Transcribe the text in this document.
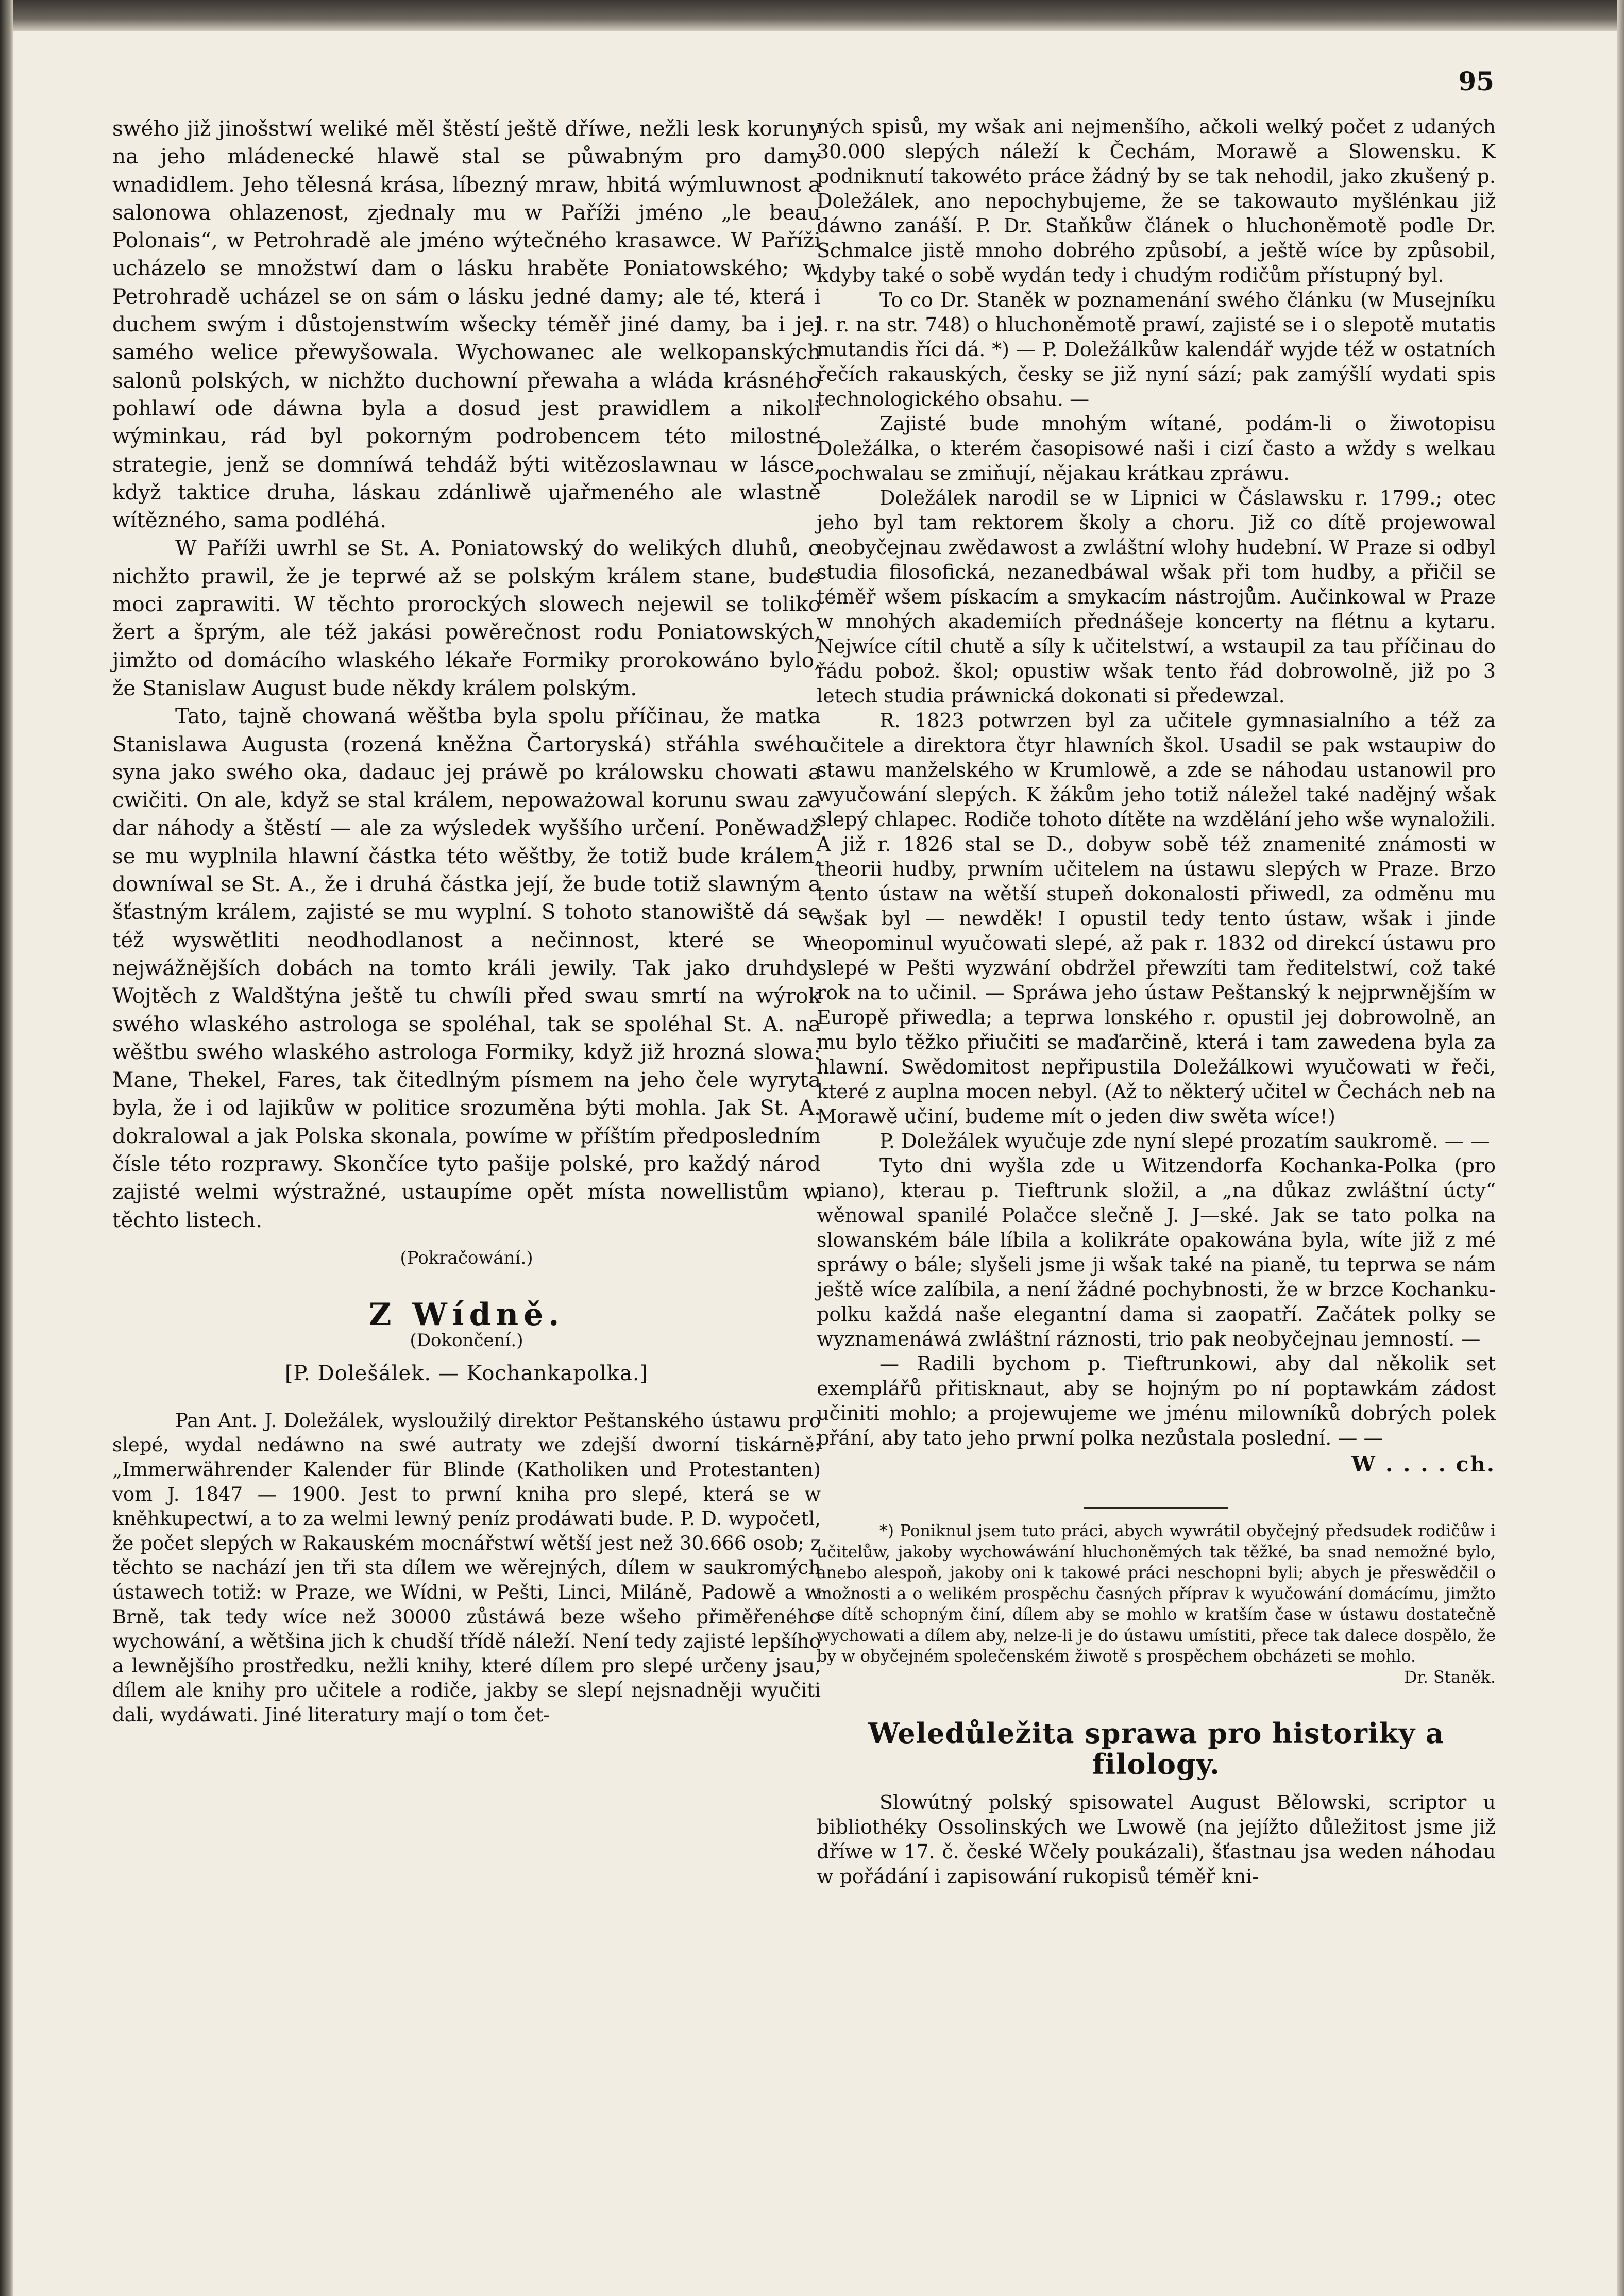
95

swého již jinošstwí weliké měl štěstí ještě dříwe, nežli lesk koruny na jeho mládenecké hlawě stal se půwabným pro damy wnadidlem. Jeho tělesná krása, líbezný mraw, hbitá wýmluwnost a salonowa ohlazenost, zjednaly mu w Paříži jméno „le beau Polonais“, w Petrohradě ale jméno wýtečného krasawce. W Paříži ucházelo se množstwí dam o lásku hraběte Poniatowského; w Petrohradě ucházel se on sám o lásku jedné damy; ale té, která i duchem swým i důstojenstwím wšecky téměř jiné damy, ba i jej samého welice přewyšowala. Wychowanec ale welkopanských salonů polských, w nichžto duchowní přewaha a wláda krásného pohlawí ode dáwna byla a dosud jest prawidlem a nikoli wýminkau, rád byl pokorným podrobencem této milostné strategie, jenž se domníwá tehdáž býti witězoslawnau w lásce, když taktice druha, láskau zdánliwě ujařmeného ale wlastně wítězného, sama podléhá.

W Paříži uwrhl se St. A. Poniatowský do welikých dluhů, o nichžto prawil, že je teprwé až se polským králem stane, bude moci zaprawiti. W těchto prorockých slowech nejewil se toliko žert a šprým, ale též jakási powěrečnost rodu Poniatowských, jimžto od domácího wlaského lékaře Formiky prorokowáno bylo, že Stanislaw August bude někdy králem polským.

Tato, tajně chowaná wěštba byla spolu příčinau, že matka Stanislawa Augusta (rozená kněžna Čartoryská) střáhla swého syna jako swého oka, dadauc jej práwě po králowsku chowati a cwičiti. On ale, když se stal králem, nepoważowal korunu swau za dar náhody a štěstí — ale za wýsledek wyššího určení. Poněwadž se mu wyplnila hlawní částka této wěštby, že totiž bude králem, downíwal se St. A., že i druhá částka její, že bude totiž slawným a šťastným králem, zajisté se mu wyplní. S tohoto stanowiště dá se též wyswětliti neodhodlanost a nečinnost, které se w nejwážnějších dobách na tomto králi jewily. Tak jako druhdy Wojtěch z Waldštýna ještě tu chwíli před swau smrtí na wýrok swého wlaského astrologa se spoléhal, tak se spoléhal St. A. na wěštbu swého wlaského astrologa Formiky, když již hrozná slowa: Mane, Thekel, Fares, tak čitedlným písmem na jeho čele wyryta byla, že i od lajikůw w politice srozuměna býti mohla. Jak St. A. dokralowal a jak Polska skonala, powíme w příštím předposledním čísle této rozprawy. Skončíce tyto pašije polské, pro každý národ zajisté welmi wýstražné, ustaupíme opět místa nowellistům w těchto listech.

(Pokračowání.)
Z Wídně.
(Dokončení.)
[P. Dolešálek. — Kochankapolka.]

Pan Ant. J. Doležálek, wysloužilý direktor Peštanského ústawu pro slepé, wydal nedáwno na swé autraty we zdejší dworní tiskárně: „Immerwährender Kalender für Blinde (Katholiken und Protestanten) vom J. 1847 — 1900. Jest to prwní kniha pro slepé, která se w kněhkupectwí, a to za welmi lewný peníz prodáwati bude. P. D. wypočetl, že počet slepých w Rakauském mocnářstwí wětší jest než 30.666 osob; z těchto se nachází jen tři sta dílem we wěrejných, dílem w saukromých ústawech totiž: w Praze, we Wídni, w Pešti, Linci, Miláně, Padowě a w Brně, tak tedy wíce než 30000 zůstáwá beze wšeho přiměřeného wychowání, a wětšina jich k chudší třídě náleží. Není tedy zajisté lepšího a lewnějšího prostředku, nežli knihy, které dílem pro slepé určeny jsau, dílem ale knihy pro učitele a rodiče, jakby se slepí nejsnadněji wyučiti dali, wydáwati. Jiné literatury mají o tom čet-

ných spisů, my wšak ani nejmenšího, ačkoli welký počet z udaných 30.000 slepých náleží k Čechám, Morawě a Slowensku. K podniknutí takowéto práce žádný by se tak nehodil, jako zkušený p. Doležálek, ano nepochybujeme, že se takowauto myšlénkau již dáwno zanáší. P. Dr. Staňkůw článek o hluchoněmotě podle Dr. Schmalce jistě mnoho dobrého způsobí, a ještě wíce by způsobil, kdyby také o sobě wydán tedy i chudým rodičům přístupný byl.

To co Dr. Staněk w poznamenání swého článku (w Musejníku l. r. na str. 748) o hluchoněmotě prawí, zajisté se i o slepotě mutatis mutandis říci dá. *) — P. Doležálkůw kalendář wyjde též w ostatních řečích rakauských, česky se již nyní sází; pak zamýšlí wydati spis technologického obsahu. —

Zajisté bude mnohým wítané, podám-li o žiwotopisu Doležálka, o kterém časopisowé naši i cizí často a wždy s welkau pochwalau se zmiňují, nějakau krátkau zpráwu.

Doležálek narodil se w Lipnici w Čáslawsku r. 1799.; otec jeho byl tam rektorem školy a choru. Již co dítě projewowal neobyčejnau zwědawost a zwláštní wlohy hudební. W Praze si odbyl studia filosofická, nezanedbáwal wšak při tom hudby, a přičil se téměř wšem pískacím a smykacím nástrojům. Aučinkowal w Praze w mnohých akademiích přednášeje koncerty na flétnu a kytaru. Nejwíce cítil chutě a síly k učitelstwí, a wstaupil za tau příčinau do řádu poboż. škol; opustiw wšak tento řád dobrowolně, již po 3 letech studia práwnická dokonati si předewzal.

R. 1823 potwrzen byl za učitele gymnasialního a též za učitele a direktora čtyr hlawních škol. Usadil se pak wstaupiw do stawu manželského w Krumlowě, a zde se náhodau ustanowil pro wyučowání slepých. K žákům jeho totiž náležel také nadějný wšak slepý chlapec. Rodiče tohoto dítěte na wzdělání jeho wše wynaložili. A již r. 1826 stal se D., dobyw sobě též znamenité známosti w theorii hudby, prwním učitelem na ústawu slepých w Praze. Brzo tento ústaw na wětší stupeň dokonalosti přiwedl, za odměnu mu wšak byl — newděk! I opustil tedy tento ústaw, wšak i jinde neopominul wyučowati slepé, až pak r. 1832 od direkcí ústawu pro slepé w Pešti wyzwání obdržel přewzíti tam ředitelstwí, což také rok na to učinil. — Spráwa jeho ústaw Peštanský k nejprwnějším w Europě přiwedla; a teprwa lonského r. opustil jej dobrowolně, an mu bylo těžko přiučiti se maďarčině, která i tam zawedena byla za hlawní. Swědomitost nepřipustila Doležálkowi wyučowati w řeči, které z auplna mocen nebyl. (Až to některý učitel w Čechách neb na Morawě učiní, budeme mít o jeden diw swěta wíce!)

P. Doležálek wyučuje zde nyní slepé prozatím saukromě. — —

Tyto dni wyšla zde u Witzendorfa Kochanka-Polka (pro piano), kterau p. Tieftrunk složil, a „na důkaz zwláštní úcty“ wěnowal spanilé Polačce slečně J. J—ské. Jak se tato polka na slowanském bále líbila a kolikráte opakowána byla, wíte již z mé spráwy o bále; slyšeli jsme ji wšak také na pianě, tu teprwa se nám ještě wíce zalíbila, a není žádné pochybnosti, že w brzce Kochanku-polku každá naše elegantní dama si zaopatří. Začátek polky se wyznamenáwá zwláštní ráznosti, trio pak neobyčejnau jemností. —

— Radili bychom p. Tieftrunkowi, aby dal několik set exemplářů přitisknaut, aby se hojným po ní poptawkám zádost učiniti mohlo; a projewujeme we jménu milowníků dobrých polek přání, aby tato jeho prwní polka nezůstala poslední. — —

W . . . . ch.

*) Poniknul jsem tuto práci, abych wywrátil obyčejný předsudek rodičůw i učitelůw, jakoby wychowáwání hluchoněmých tak těžké, ba snad nemožné bylo, anebo alespoň, jakoby oni k takowé práci neschopni byli; abych je přeswědčil o možnosti a o welikém prospěchu časných příprav k wyučowání domácímu, jimžto se dítě schopným činí, dílem aby se mohlo w kratším čase w ústawu dostatečně wychowati a dílem aby, nelze-li je do ústawu umístiti, přece tak dalece dospělo, že by w obyčejném společenském žiwotě s prospěchem obcházeti se mohlo.

Dr. Staněk.
Weledůležita sprawa pro historiky a filology.

Slowútný polský spisowatel August Bělowski, scriptor u bibliothéky Ossolinských we Lwowě (na jejížto důležitost jsme již dříwe w 17. č. české Wčely poukázali), šťastnau jsa weden náhodau w pořádání i zapisowání rukopisů téměř kni-
